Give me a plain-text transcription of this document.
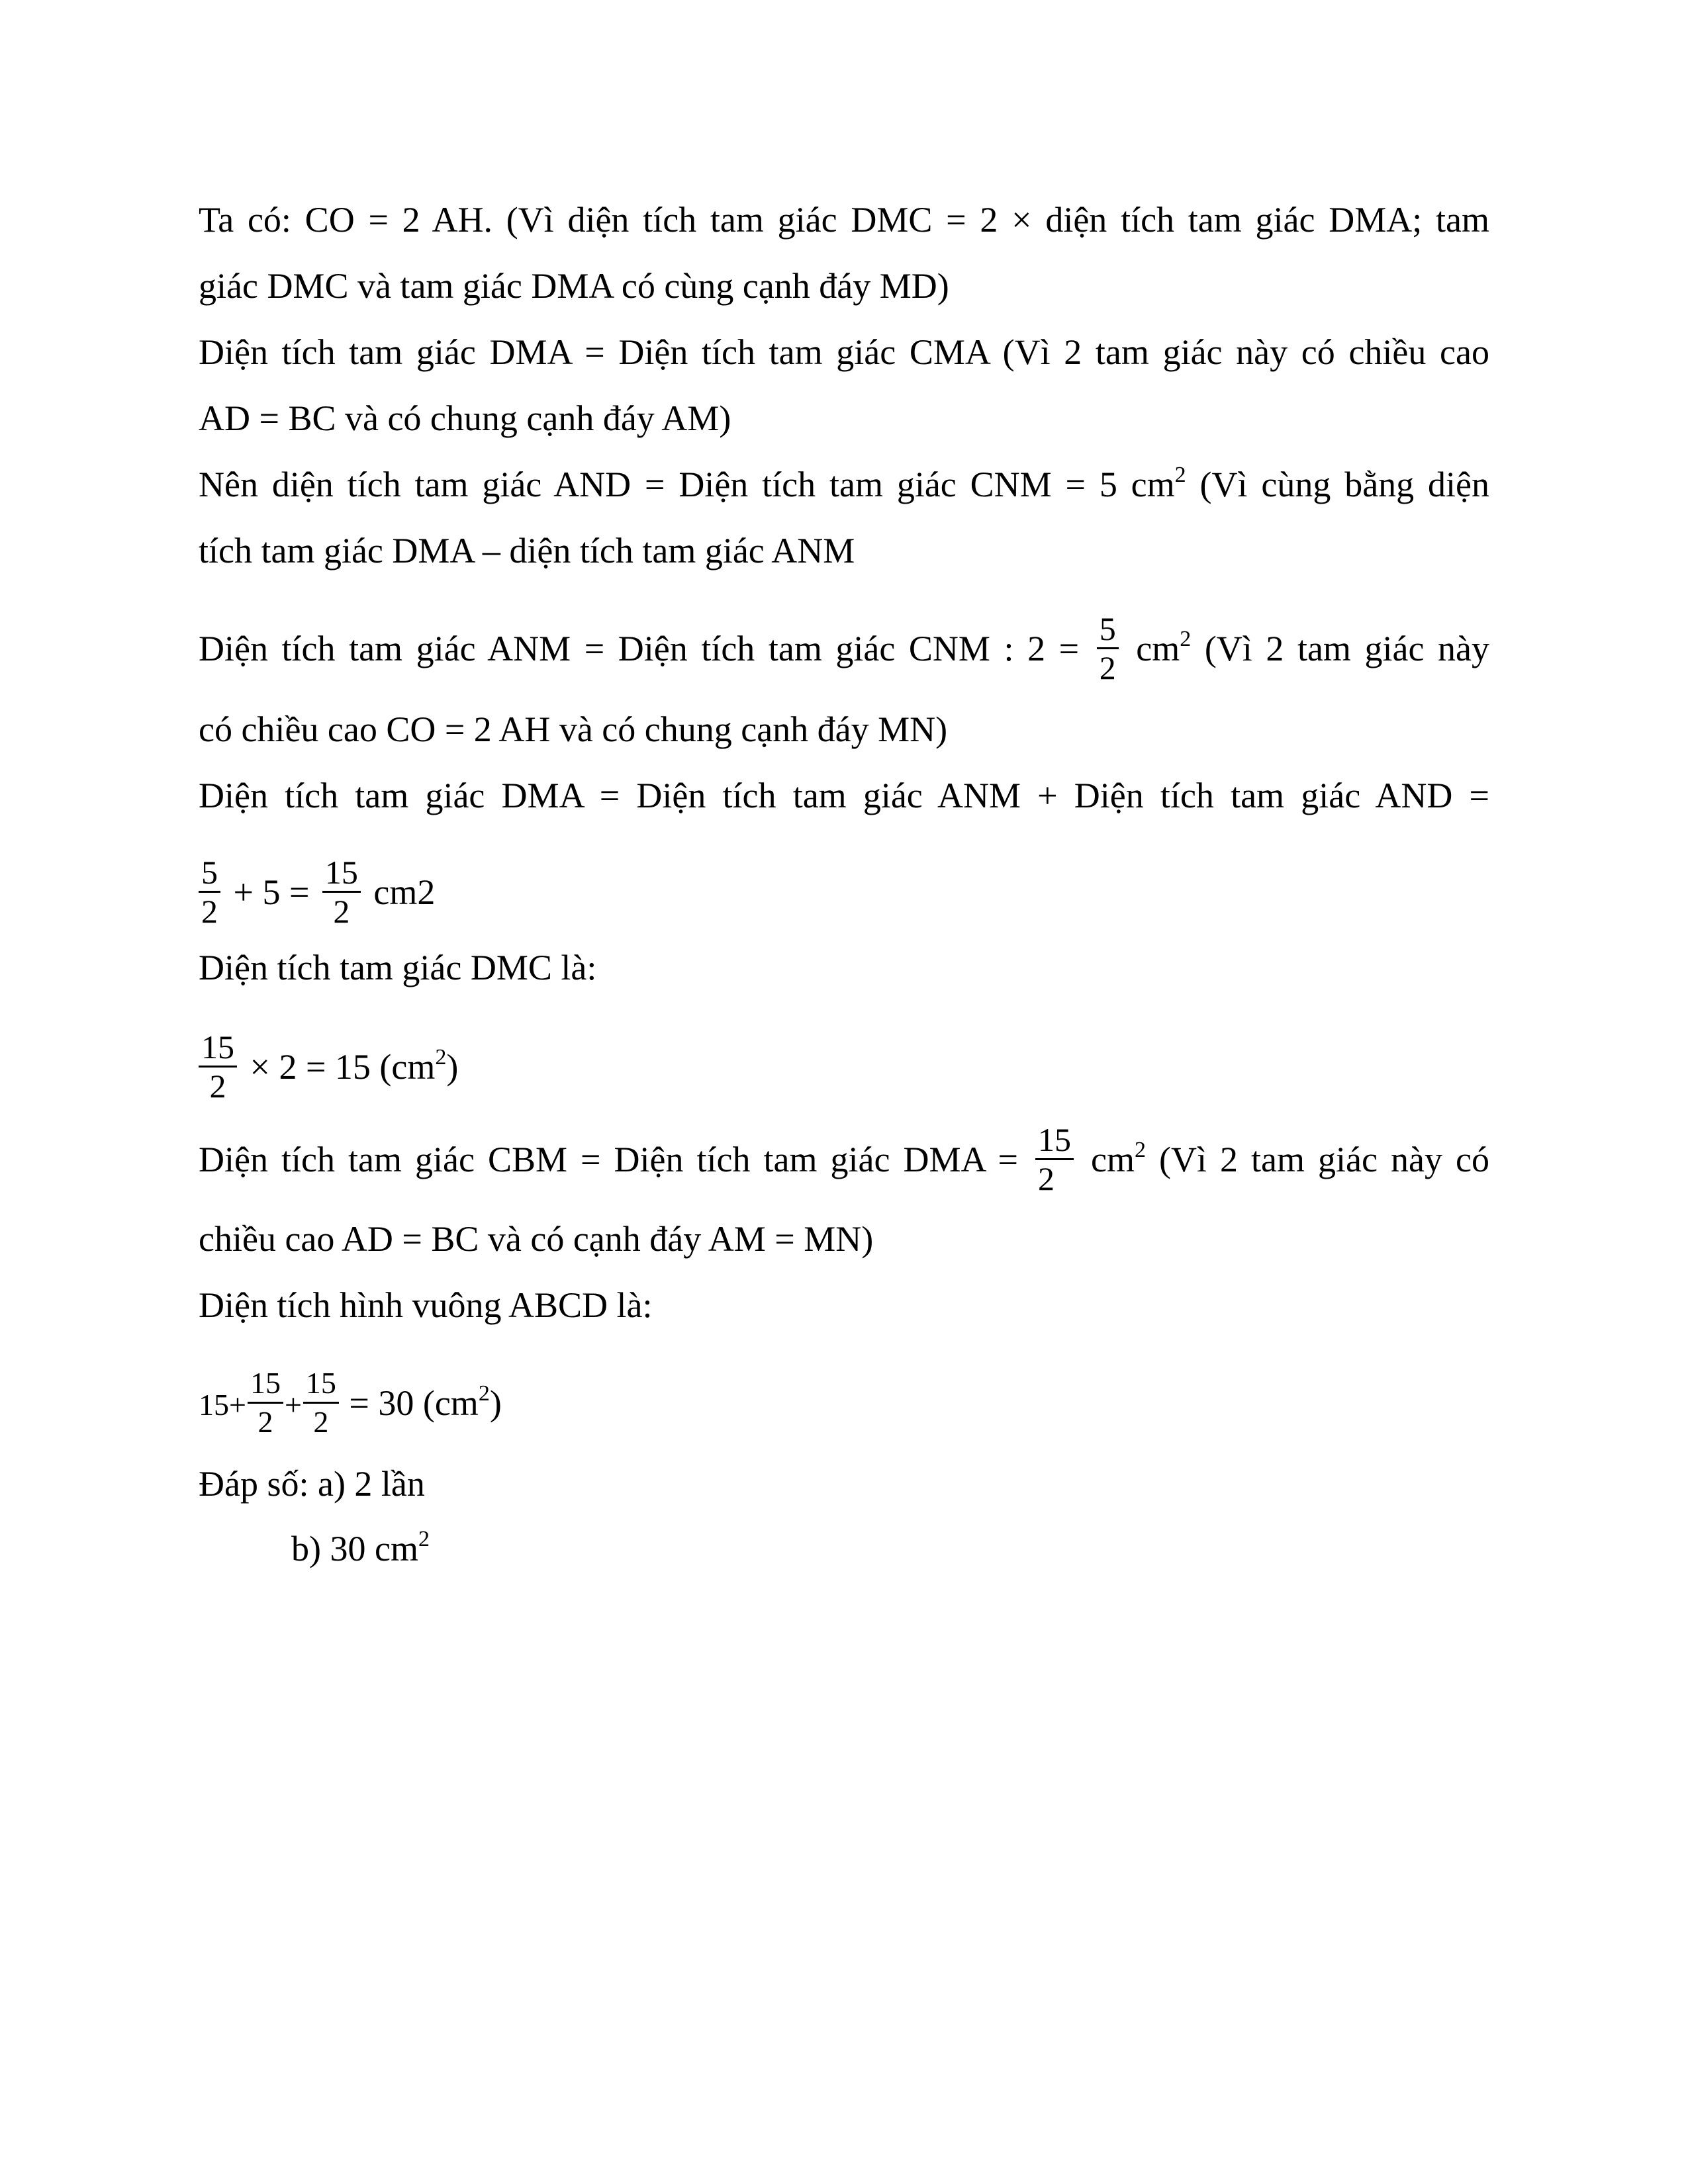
Ta có: CO = 2 AH. (Vì diện tích tam giác DMC = 2 × diện tích tam giác DMA; tam
giác DMC và tam giác DMA có cùng cạnh đáy MD)
Diện tích tam giác DMA = Diện tích tam giác CMA (Vì 2 tam giác này có chiều cao
AD = BC và có chung cạnh đáy AM)
Nên diện tích tam giác AND = Diện tích tam giác CNM = 5 $cm^2$ (Vì cùng bằng diện
tích tam giác DMA – diện tích tam giác ANM
Diện tích tam giác ANM = Diện tích tam giác CNM : $2 = \frac{5}{2} cm^2$ (Vì 2 tam giác này
có chiều cao CO = 2 AH và có chung cạnh đáy MN)
Diện tích tam giác DMA = Diện tích tam giác ANM + Diện tích tam giác AND =
$\frac{5}{2} + 5 = \frac{15}{2} cm2$
Diện tích tam giác DMC là:
$\frac{15}{2} \times 2 = 15$ $(cm^2)$
Diện tích tam giác CBM = Diện tích tam giác DMA = $\frac{15}{2} cm^2$ (Vì 2 tam giác này có
chiều cao AD = BC và có cạnh đáy AM = MN)
Diện tích hình vuông ABCD là:
$15+ \frac{15}{2} + \frac{15}{2} = 30$ $(cm^2)$
Đáp số: a) 2 lần
b) 30 $cm^2$
